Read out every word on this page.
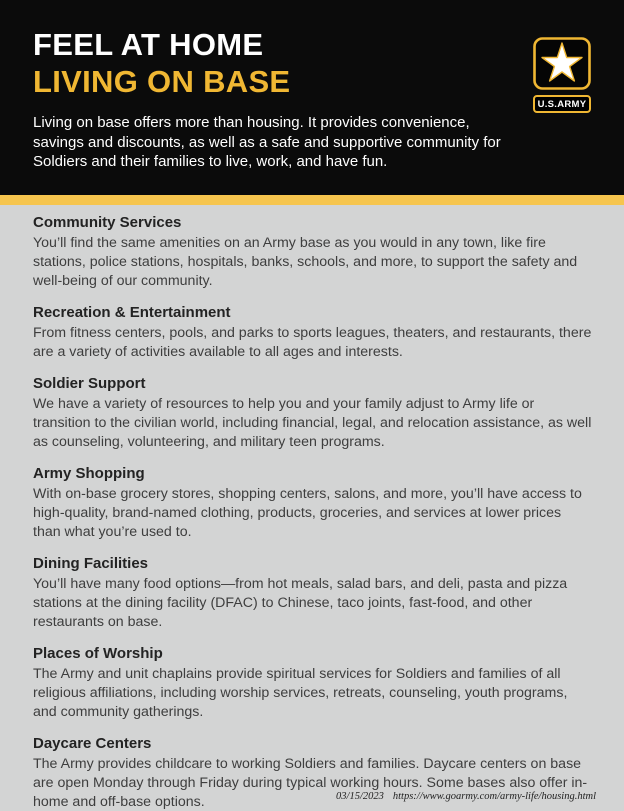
FEEL AT HOME
LIVING ON BASE
Living on base offers more than housing. It provides convenience, savings and discounts, as well as a safe and supportive community for Soldiers and their families to live, work, and have fun.
U.S.ARMY
Community Services

You’ll find the same amenities on an Army base as you would in any town, like fire stations, police stations, hospitals, banks, schools, and more, to support the safety and well-being of our community.

Recreation & Entertainment

From fitness centers, pools, and parks to sports leagues, theaters, and restaurants, there are a variety of activities available to all ages and interests.

Soldier Support

We have a variety of resources to help you and your family adjust to Army life or transition to the civilian world, including financial, legal, and relocation assistance, as well as counseling, volunteering, and military teen programs.

Army Shopping

With on-base grocery stores, shopping centers, salons, and more, you’ll have access to high-quality, brand-named clothing, products, groceries, and services at lower prices than what you’re used to.

Dining Facilities

You’ll have many food options—from hot meals, salad bars, and deli, pasta and pizza stations at the dining facility (DFAC) to Chinese, taco joints, fast-food, and other restaurants on base.

Places of Worship

The Army and unit chaplains provide spiritual services for Soldiers and families of all religious affiliations, including worship services, retreats, counseling, youth programs, and community gatherings.

Daycare Centers

The Army provides childcare to working Soldiers and families. Daycare centers on base are open Monday through Friday during typical working hours. Some bases also offer in-home and off-base options.	03/15/2023 https://www.goarmy.com/army-life/housing.html
